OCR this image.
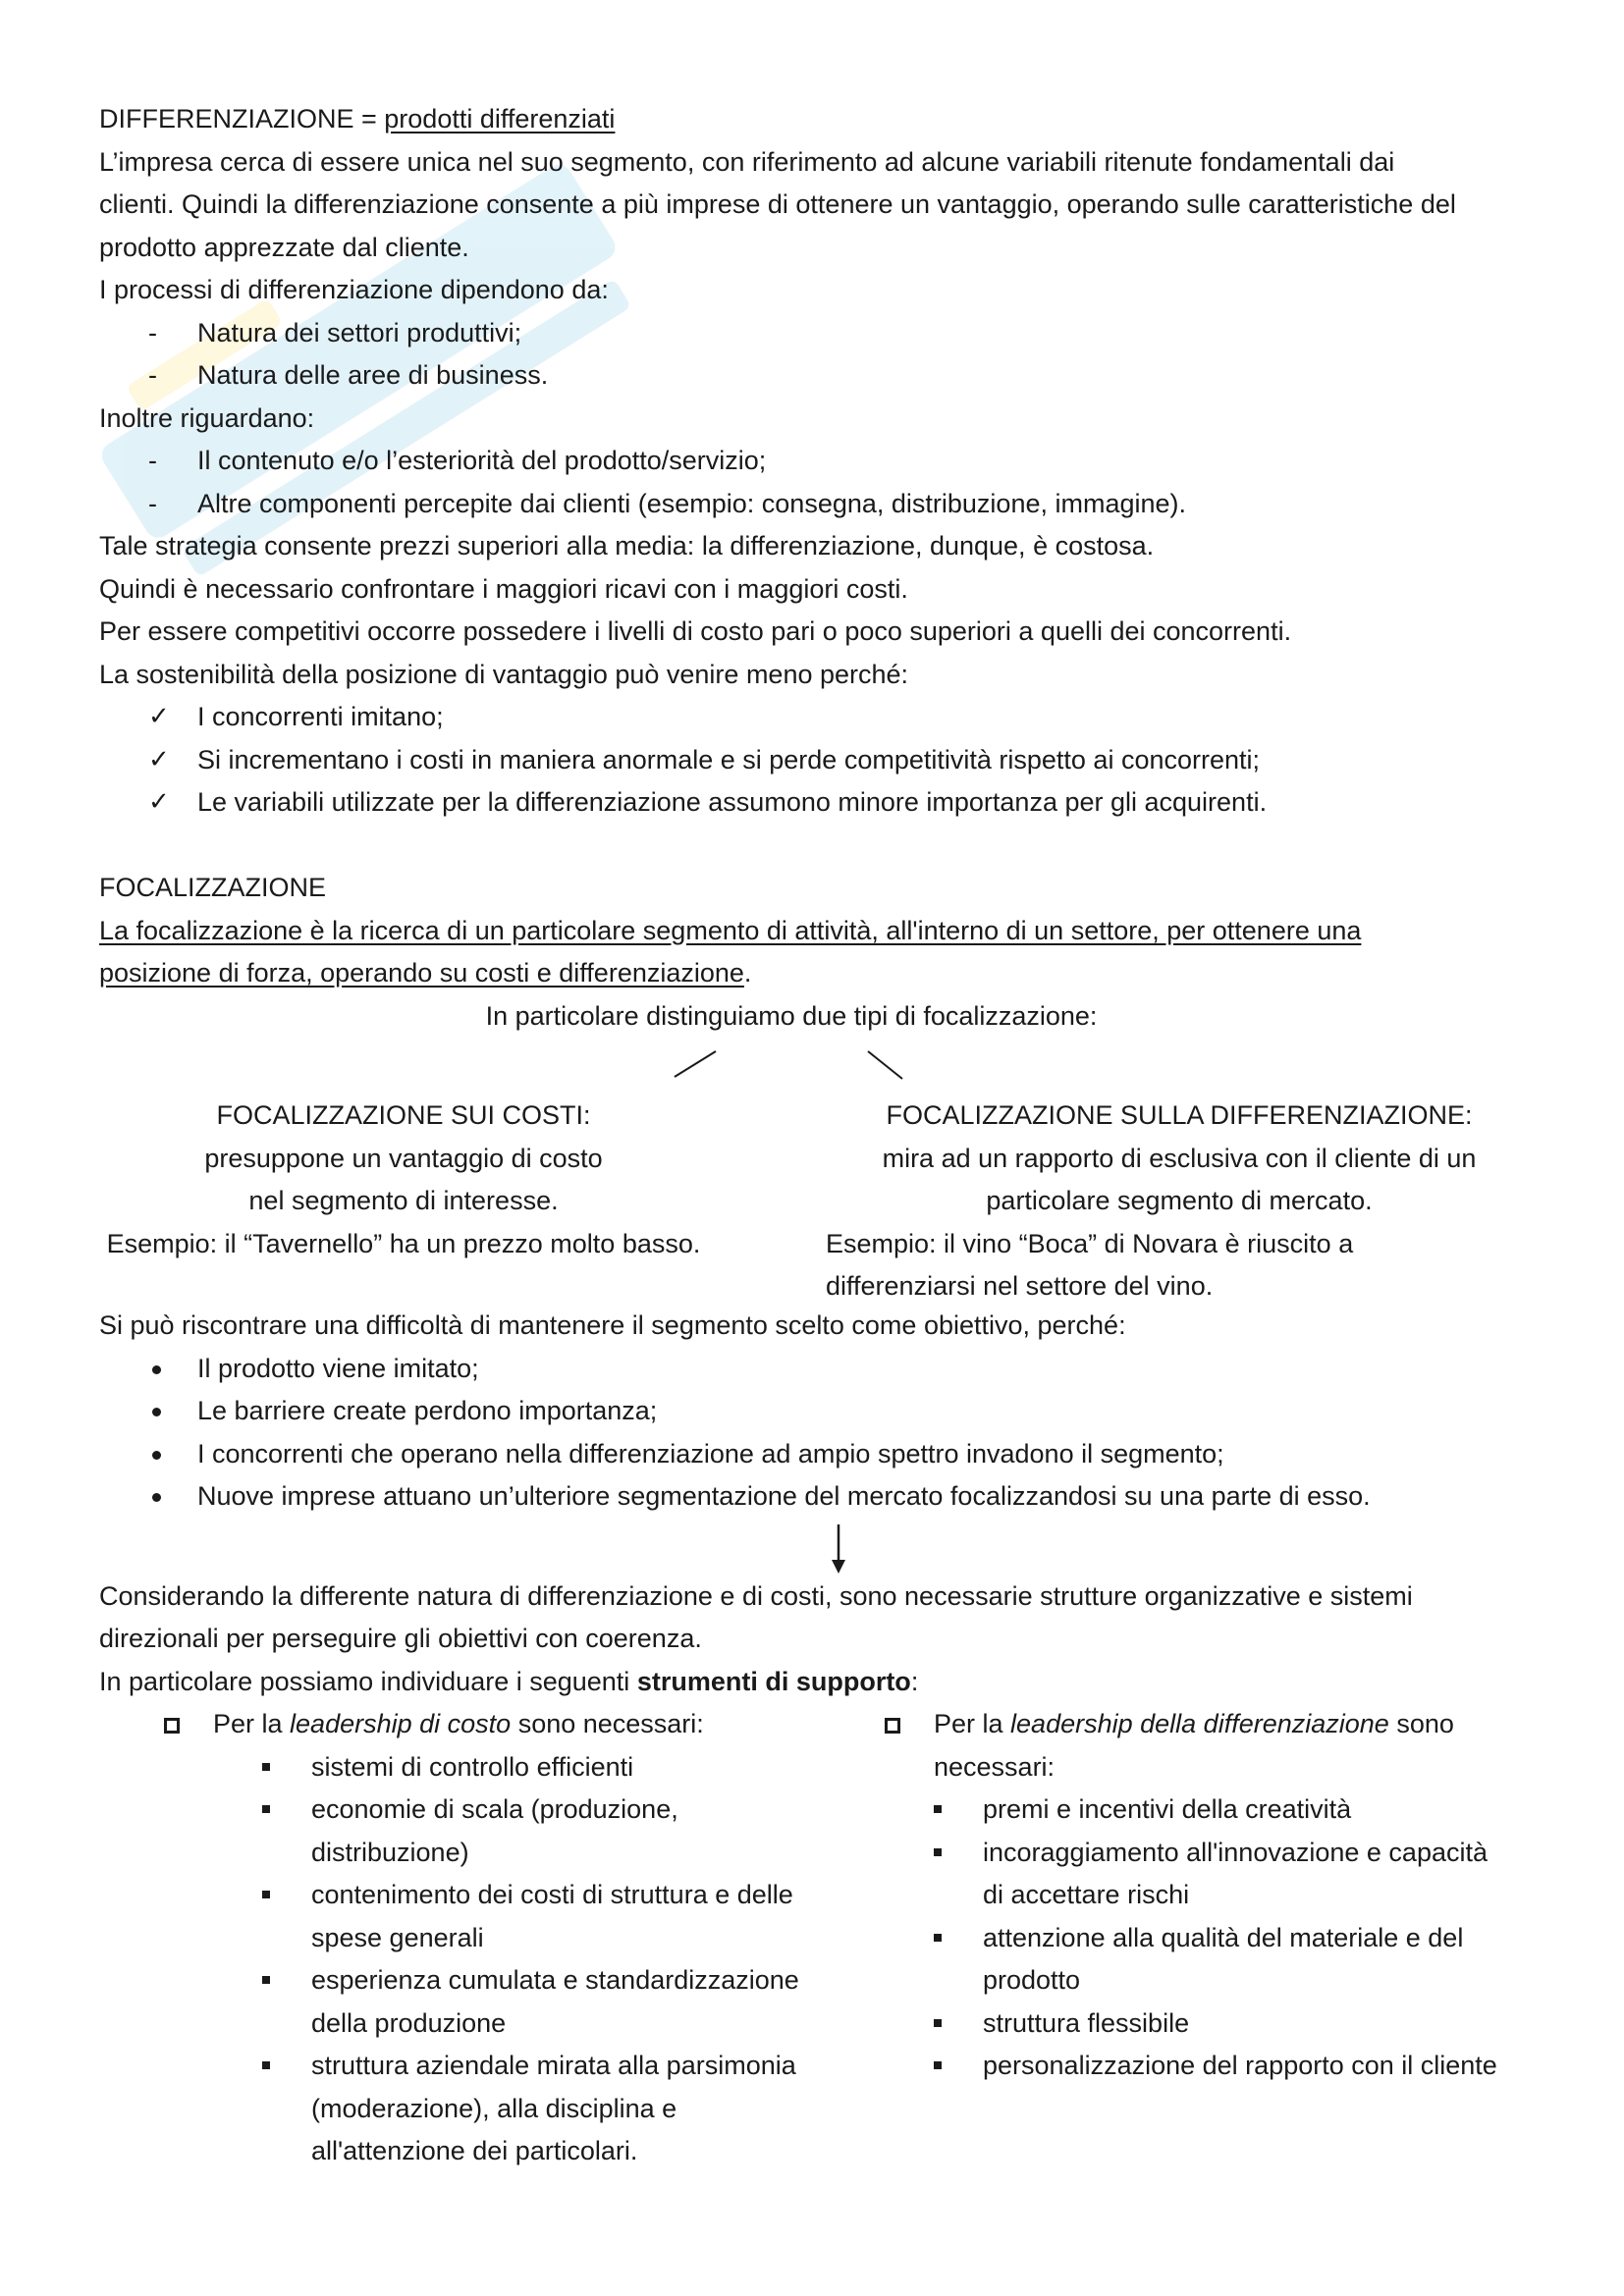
DIFFERENZIAZIONE = prodotti differenziati

L’impresa cerca di essere unica nel suo segmento, con riferimento ad alcune variabili ritenute fondamentali dai

clienti. Quindi la differenziazione consente a più imprese di ottenere un vantaggio, operando sulle caratteristiche del

prodotto apprezzate dal cliente.

I processi di differenziazione dipendono da:

-	Natura dei settori produttivi;
-	Natura delle aree di business.

Inoltre riguardano:

-	Il contenuto e/o l’esteriorità del prodotto/servizio;
-	Altre componenti percepite dai clienti (esempio: consegna, distribuzione, immagine).

Tale strategia consente prezzi superiori alla media: la differenziazione, dunque, è costosa.

Quindi è necessario confrontare i maggiori ricavi con i maggiori costi.

Per essere competitivi occorre possedere i livelli di costo pari o poco superiori a quelli dei concorrenti.

La sostenibilità della posizione di vantaggio può venire meno perché:

✓	I concorrenti imitano;
✓	Si incrementano i costi in maniera anormale e si perde competitività rispetto ai concorrenti;
✓	Le variabili utilizzate per la differenziazione assumono minore importanza per gli acquirenti.

FOCALIZZAZIONE

La focalizzazione è la ricerca di un particolare segmento di attività, all'interno di un settore, per ottenere una

posizione di forza, operando su costi e differenziazione.

In particolare distinguiamo due tipi di focalizzazione:

FOCALIZZAZIONE SUI COSTI:

presuppone un vantaggio di costo

nel segmento di interesse.

Esempio: il “Tavernello” ha un prezzo molto basso.

FOCALIZZAZIONE SULLA DIFFERENZIAZIONE:
mira ad un rapporto di esclusiva con il cliente di un
particolare segmento di mercato.
Esempio: il vino “Boca” di Novara è riuscito a
differenziarsi nel settore del vino.

Si può riscontrare una difficoltà di mantenere il segmento scelto come obiettivo, perché:

Il prodotto viene imitato;
Le barriere create perdono importanza;
I concorrenti che operano nella differenziazione ad ampio spettro invadono il segmento;
Nuove imprese attuano un’ulteriore segmentazione del mercato focalizzandosi su una parte di esso.

Considerando la differente natura di differenziazione e di costi, sono necessarie strutture organizzative e sistemi

direzionali per perseguire gli obiettivi con coerenza.

In particolare possiamo individuare i seguenti strumenti di supporto:

Per la leadership di costo sono necessari:

sistemi di controllo efficienti
economie di scala (produzione,
distribuzione)
contenimento dei costi di struttura e delle
spese generali
esperienza cumulata e standardizzazione
della produzione
struttura aziendale mirata alla parsimonia
(moderazione), alla disciplina e
all'attenzione dei particolari.

Per la leadership della differenziazione sono
necessari:

premi e incentivi della creatività
incoraggiamento all'innovazione e capacità
di accettare rischi
attenzione alla qualità del materiale e del
prodotto
struttura flessibile
personalizzazione del rapporto con il cliente
